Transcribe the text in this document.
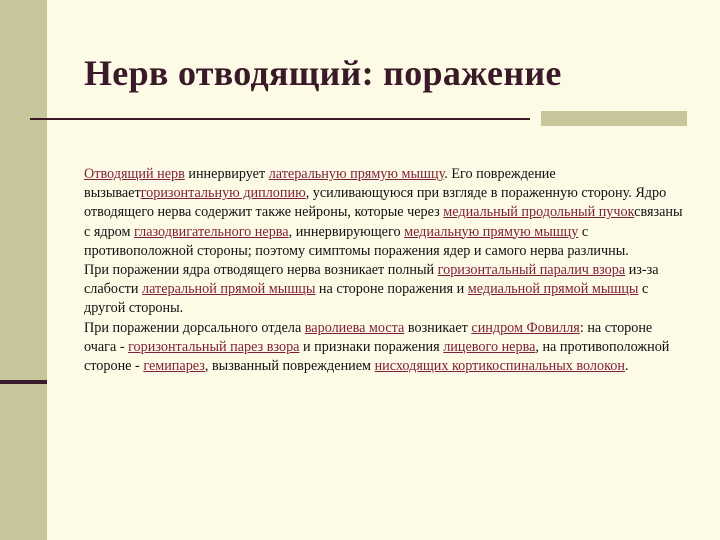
Нерв отводящий: поражение

Отводящий нерв иннервирует латеральную прямую мышцу. Его повреждение вызываетгоризонтальную диплопию, усиливающуюся при взгляде в пораженную сторону. Ядро отводящего нерва содержит также нейроны, которые через медиальный продольный пучоксвязаны с ядром глазодвигательного нерва, иннервирующего медиальную прямую мышцу с противоположной стороны; поэтому симптомы поражения ядер и самого нерва различны.

При поражении ядра отводящего нерва возникает полный горизонтальный паралич взора из-за слабости латеральной прямой мышцы на стороне поражения и медиальной прямой мышцы с другой стороны.

При поражении дорсального отдела варолиева моста возникает синдром Фовилля: на стороне очага - горизонтальный парез взора и признаки поражения лицевого нерва, на противоположной стороне - гемипарез, вызванный повреждением нисходящих кортикоспинальных волокон.
